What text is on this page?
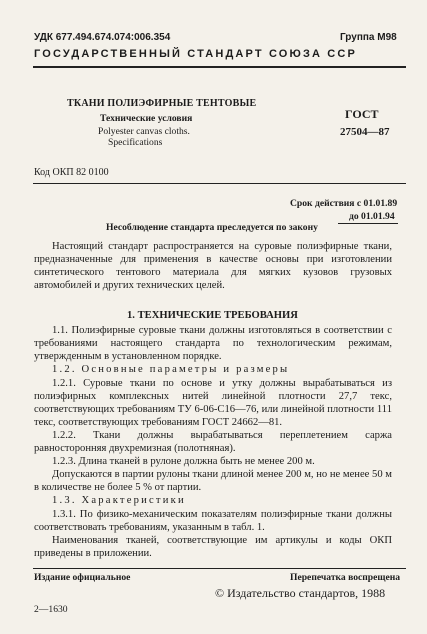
УДК 677.494.674.074:006.354	Группа М98
ГОСУДАРСТВЕННЫЙ СТАНДАРТ СОЮЗА ССР
ТКАНИ ПОЛИЭФИРНЫЕ ТЕНТОВЫЕ
Технические условия
Polyester canvas cloths.
Specifications
ГОСТ
27504—87
Код ОКП 82 0100
Срок действия с 01.01.89
до 01.01.94
Несоблюдение стандарта преследуется по закону
Настоящий стандарт распространяется на суровые полиэфирные ткани, предназначенные для применения в качестве основы при изготовлении синтетического тентового материала для мягких кузовов грузовых автомобилей и других технических целей.
1. ТЕХНИЧЕСКИЕ ТРЕБОВАНИЯ
1.1. Полиэфирные суровые ткани должны изготовляться в соответствии с требованиями настоящего стандарта по технологическим режимам, утвержденным в установленном порядке.
1.2. Основные параметры и размеры
1.2.1. Суровые ткани по основе и утку должны вырабатываться из полиэфирных комплексных нитей линейной плотности 27,7 текс, соответствующих требованиям ТУ 6-06-С16—76, или линейной плотности 111 текс, соответствующих требованиям ГОСТ 24662—81.
1.2.2. Ткани должны вырабатываться переплетением саржа равносторонняя двухремизная (полотняная).
1.2.3. Длина тканей в рулоне должна быть не менее 200 м.
Допускаются в партии рулоны ткани длиной менее 200 м, но не менее 50 м в количестве не более 5 % от партии.
1.3. Характеристики
1.3.1. По физико-механическим показателям полиэфирные ткани должны соответствовать требованиям, указанным в табл. 1.
Наименования тканей, соответствующие им артикулы и коды ОКП приведены в приложении.
Издание официальное	Перепечатка воспрещена
© Издательство стандартов, 1988
2—1630
